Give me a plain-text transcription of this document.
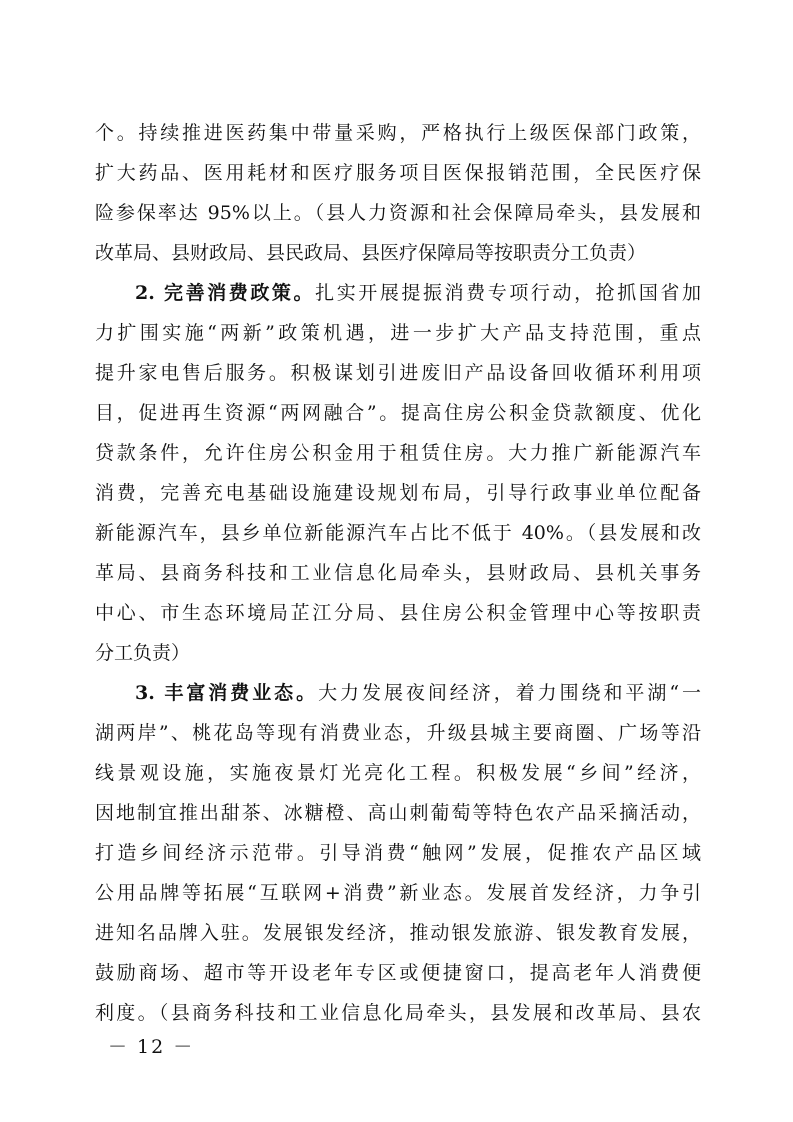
个。持续推进医药集中带量采购，严格执行上级医保部门政策，
扩大药品、医用耗材和医疗服务项目医保报销范围，全民医疗保
险参保率达 95%以上。（县人力资源和社会保障局牵头，县发展和
改革局、县财政局、县民政局、县医疗保障局等按职责分工负责）

2. 完善消费政策。扎实开展提振消费专项行动，抢抓国省加
力扩围实施“两新”政策机遇，进一步扩大产品支持范围，重点
提升家电售后服务。积极谋划引进废旧产品设备回收循环利用项
目，促进再生资源“两网融合”。提高住房公积金贷款额度、优化
贷款条件，允许住房公积金用于租赁住房。大力推广新能源汽车
消费，完善充电基础设施建设规划布局，引导行政事业单位配备
新能源汽车，县乡单位新能源汽车占比不低于 40%。（县发展和改
革局、县商务科技和工业信息化局牵头，县财政局、县机关事务
中心、市生态环境局芷江分局、县住房公积金管理中心等按职责
分工负责）

3. 丰富消费业态。大力发展夜间经济，着力围绕和平湖“一
湖两岸”、桃花岛等现有消费业态，升级县城主要商圈、广场等沿
线景观设施，实施夜景灯光亮化工程。积极发展“乡间”经济，
因地制宜推出甜茶、冰糖橙、高山刺葡萄等特色农产品采摘活动，
打造乡间经济示范带。引导消费“触网”发展，促推农产品区域
公用品牌等拓展“互联网+消费”新业态。发展首发经济，力争引
进知名品牌入驻。发展银发经济，推动银发旅游、银发教育发展，
鼓励商场、超市等开设老年专区或便捷窗口，提高老年人消费便
利度。（县商务科技和工业信息化局牵头，县发展和改革局、县农

－ 12 －
